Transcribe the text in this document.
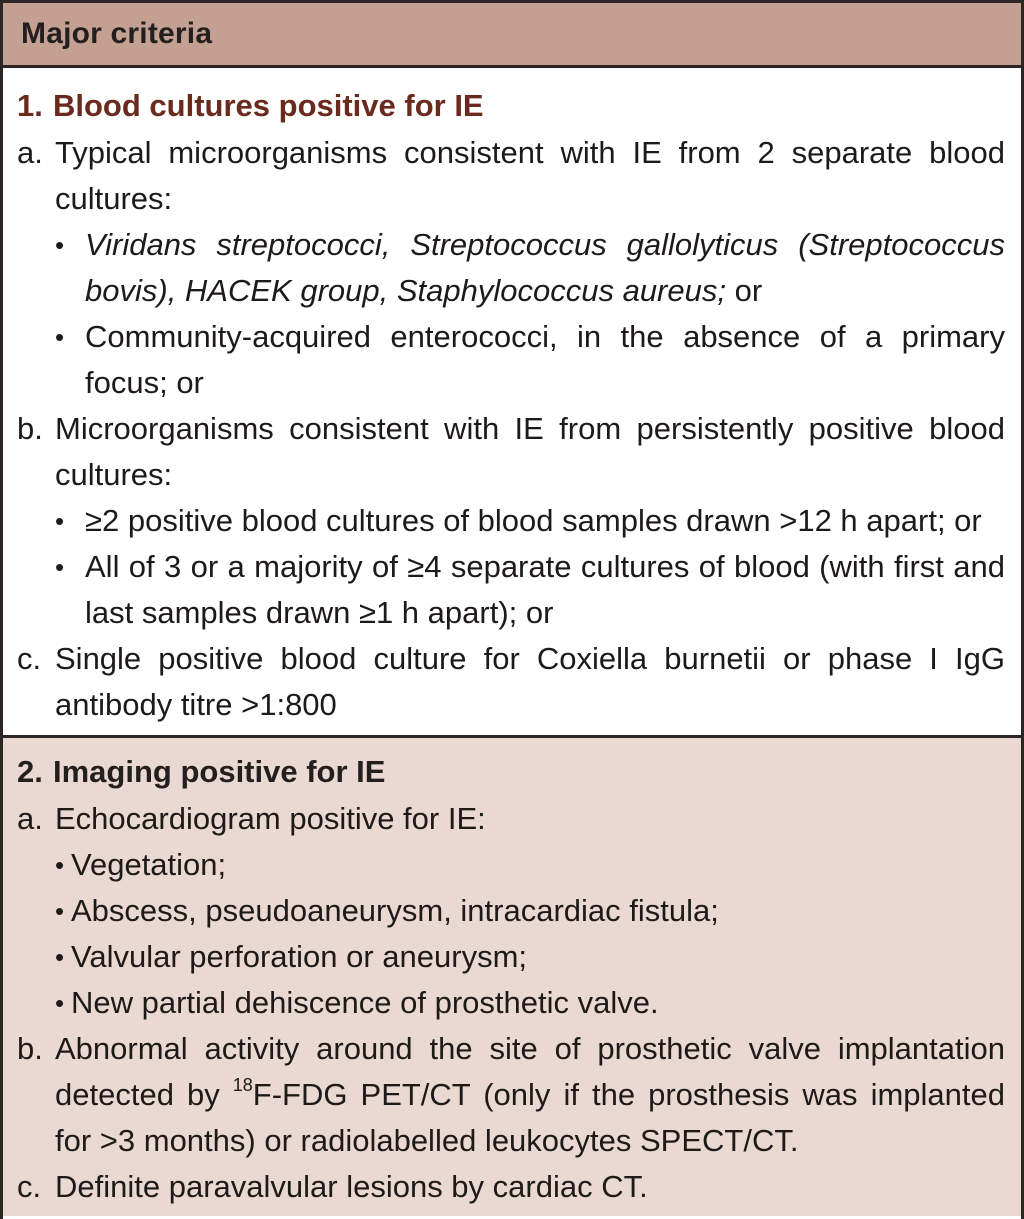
Major criteria
1. Blood cultures positive for IE
a. Typical microorganisms consistent with IE from 2 separate blood cultures:
• Viridans streptococci, Streptococcus gallolyticus (Streptococcus bovis), HACEK group, Staphylococcus aureus; or
• Community-acquired enterococci, in the absence of a primary focus; or
b. Microorganisms consistent with IE from persistently positive blood cultures:
• ≥2 positive blood cultures of blood samples drawn >12 h apart; or
• All of 3 or a majority of ≥4 separate cultures of blood (with first and last samples drawn ≥1 h apart); or
c. Single positive blood culture for Coxiella burnetii or phase I IgG antibody titre >1:800
2. Imaging positive for IE
a. Echocardiogram positive for IE:
• Vegetation;
• Abscess, pseudoaneurysm, intracardiac fistula;
• Valvular perforation or aneurysm;
• New partial dehiscence of prosthetic valve.
b. Abnormal activity around the site of prosthetic valve implantation detected by $^{18}$F-FDG PET/CT (only if the prosthesis was implanted for >3 months) or radiolabelled leukocytes SPECT/CT.
c. Definite paravalvular lesions by cardiac CT.
